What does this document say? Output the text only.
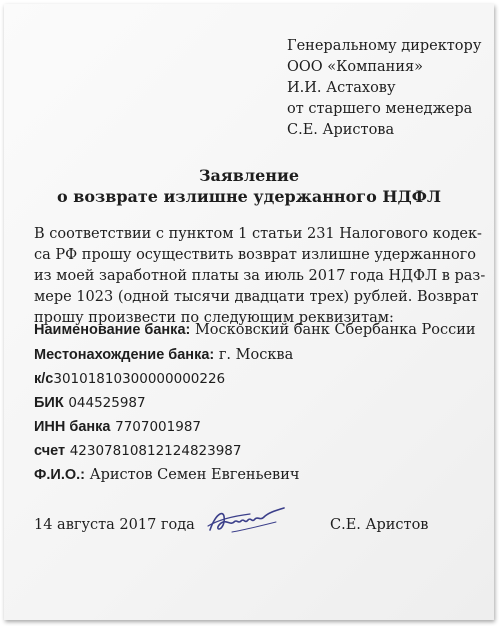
Генеральному директору
ООО «Компания»
И.И. Астахову
от старшего менеджера
С.Е. Аристова
Заявление
о возврате излишне удержанного НДФЛ
В соответствии с пунктом 1 статьи 231 Налогового кодек-
са РФ прошу осуществить возврат излишне удержанного
из моей заработной платы за июль 2017 года НДФЛ в раз-
мере 1023 (одной тысячи двадцати трех) рублей. Возврат
прошу произвести по следующим реквизитам:
Наименование банка: Московский банк Сбербанка России
Местонахождение банка: г. Москва
к/с30101810300000000226
БИК 044525987
ИНН банка 7707001987
счет 42307810812124823987
Ф.И.О.: Аристов Семен Евгеньевич
14 августа 2017 года	С.Е. Аристов
